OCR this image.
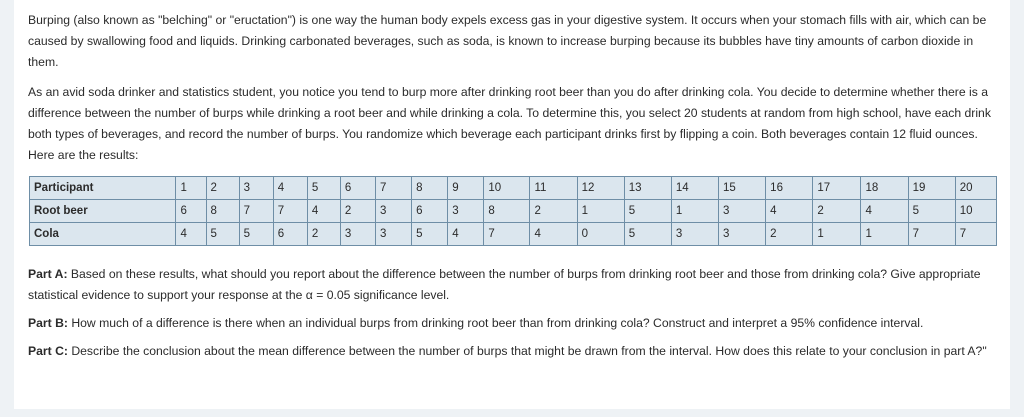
Burping (also known as "belching" or "eructation") is one way the human body expels excess gas in your digestive system. It occurs when your stomach fills with air, which can be caused by swallowing food and liquids. Drinking carbonated beverages, such as soda, is known to increase burping because its bubbles have tiny amounts of carbon dioxide in them.

As an avid soda drinker and statistics student, you notice you tend to burp more after drinking root beer than you do after drinking cola. You decide to determine whether there is a difference between the number of burps while drinking a root beer and while drinking a cola. To determine this, you select 20 students at random from high school, have each drink both types of beverages, and record the number of burps. You randomize which beverage each participant drinks first by flipping a coin. Both beverages contain 12 fluid ounces. Here are the results:

Participant	1	2	3	4	5	6	7	8	9	10	11	12	13	14	15	16	17	18	19	20
Root beer	6	8	7	7	4	2	3	6	3	8	2	1	5	1	3	4	2	4	5	10
Cola	4	5	5	6	2	3	3	5	4	7	4	0	5	3	3	2	1	1	7	7

Part A: Based on these results, what should you report about the difference between the number of burps from drinking root beer and those from drinking cola? Give appropriate statistical evidence to support your response at the α = 0.05 significance level.

Part B: How much of a difference is there when an individual burps from drinking root beer than from drinking cola? Construct and interpret a 95% confidence interval.

Part C: Describe the conclusion about the mean difference between the number of burps that might be drawn from the interval. How does this relate to your conclusion in part A?"
